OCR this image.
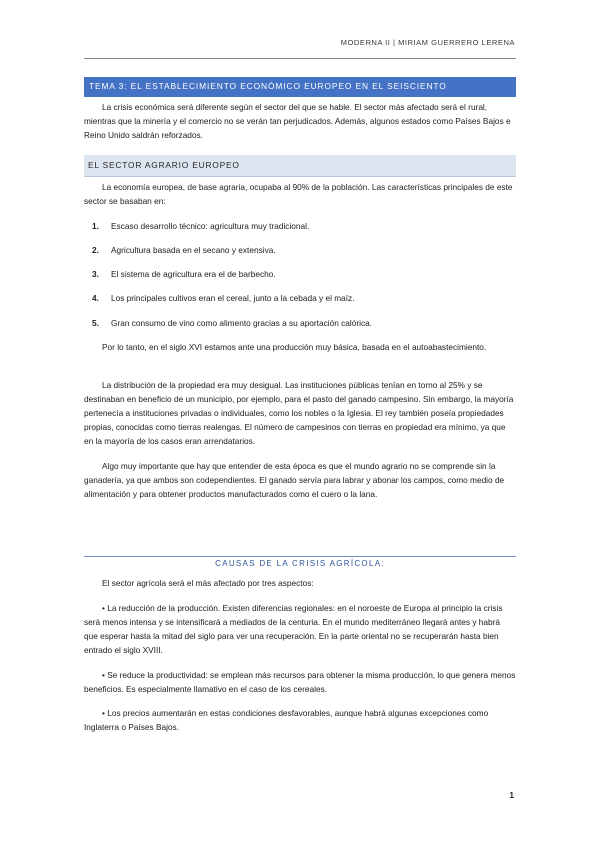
MODERNA II | MIRIAM GUERRERO LERENA
TEMA 3: EL ESTABLECIMIENTO ECONÓMICO EUROPEO EN EL SEISCIENTO

La crisis económica será diferente según el sector del que se hable. El sector más afectado será el rural, mientras que la minería y el comercio no se verán tan perjudicados. Además, algunos estados como Países Bajos e Reino Unido saldrán reforzados.

EL SECTOR AGRARIO EUROPEO

La economía europea, de base agraria, ocupaba al 90% de la población. Las características principales de este sector se basaban en:

1. Escaso desarrollo técnico: agricultura muy tradicional.
2. Agricultura basada en el secano y extensiva.
3. El sistema de agricultura era el de barbecho.
4. Los principales cultivos eran el cereal, junto a la cebada y el maíz.
5. Gran consumo de vino como alimento gracias a su aportación calórica.

Por lo tanto, en el siglo XVI estamos ante una producción muy básica, basada en el autoabastecimiento.

La distribución de la propiedad era muy desigual. Las instituciones públicas tenían en torno al 25% y se destinaban en beneficio de un municipio, por ejemplo, para el pasto del ganado campesino. Sin embargo, la mayoría pertenecía a instituciones privadas o individuales, como los nobles o la Iglesia. El rey también poseía propiedades propias, conocidas como tierras realengas. El número de campesinos con tierras en propiedad era mínimo, ya que en la mayoría de los casos eran arrendatarios.

Algo muy importante que hay que entender de esta época es que el mundo agrario no se comprende sin la ganadería, ya que ambos son codependientes. El ganado servía para labrar y abonar los campos, como medio de alimentación y para obtener productos manufacturados como el cuero o la lana.

CAUSAS DE LA CRISIS AGRÍCOLA:

El sector agrícola será el más afectado por tres aspectos:

• La reducción de la producción. Existen diferencias regionales: en el noroeste de Europa al principio la crisis será menos intensa y se intensificará a mediados de la centuria. En el mundo mediterráneo llegará antes y habrá que esperar hasta la mitad del siglo para ver una recuperación. En la parte oriental no se recuperarán hasta bien entrado el siglo XVIII.

• Se reduce la productividad: se emplean más recursos para obtener la misma producción, lo que genera menos beneficios. Es especialmente llamativo en el caso de los cereales.

• Los precios aumentarán en estas condiciones desfavorables, aunque habrá algunas excepciones como Inglaterra o Países Bajos.

1
